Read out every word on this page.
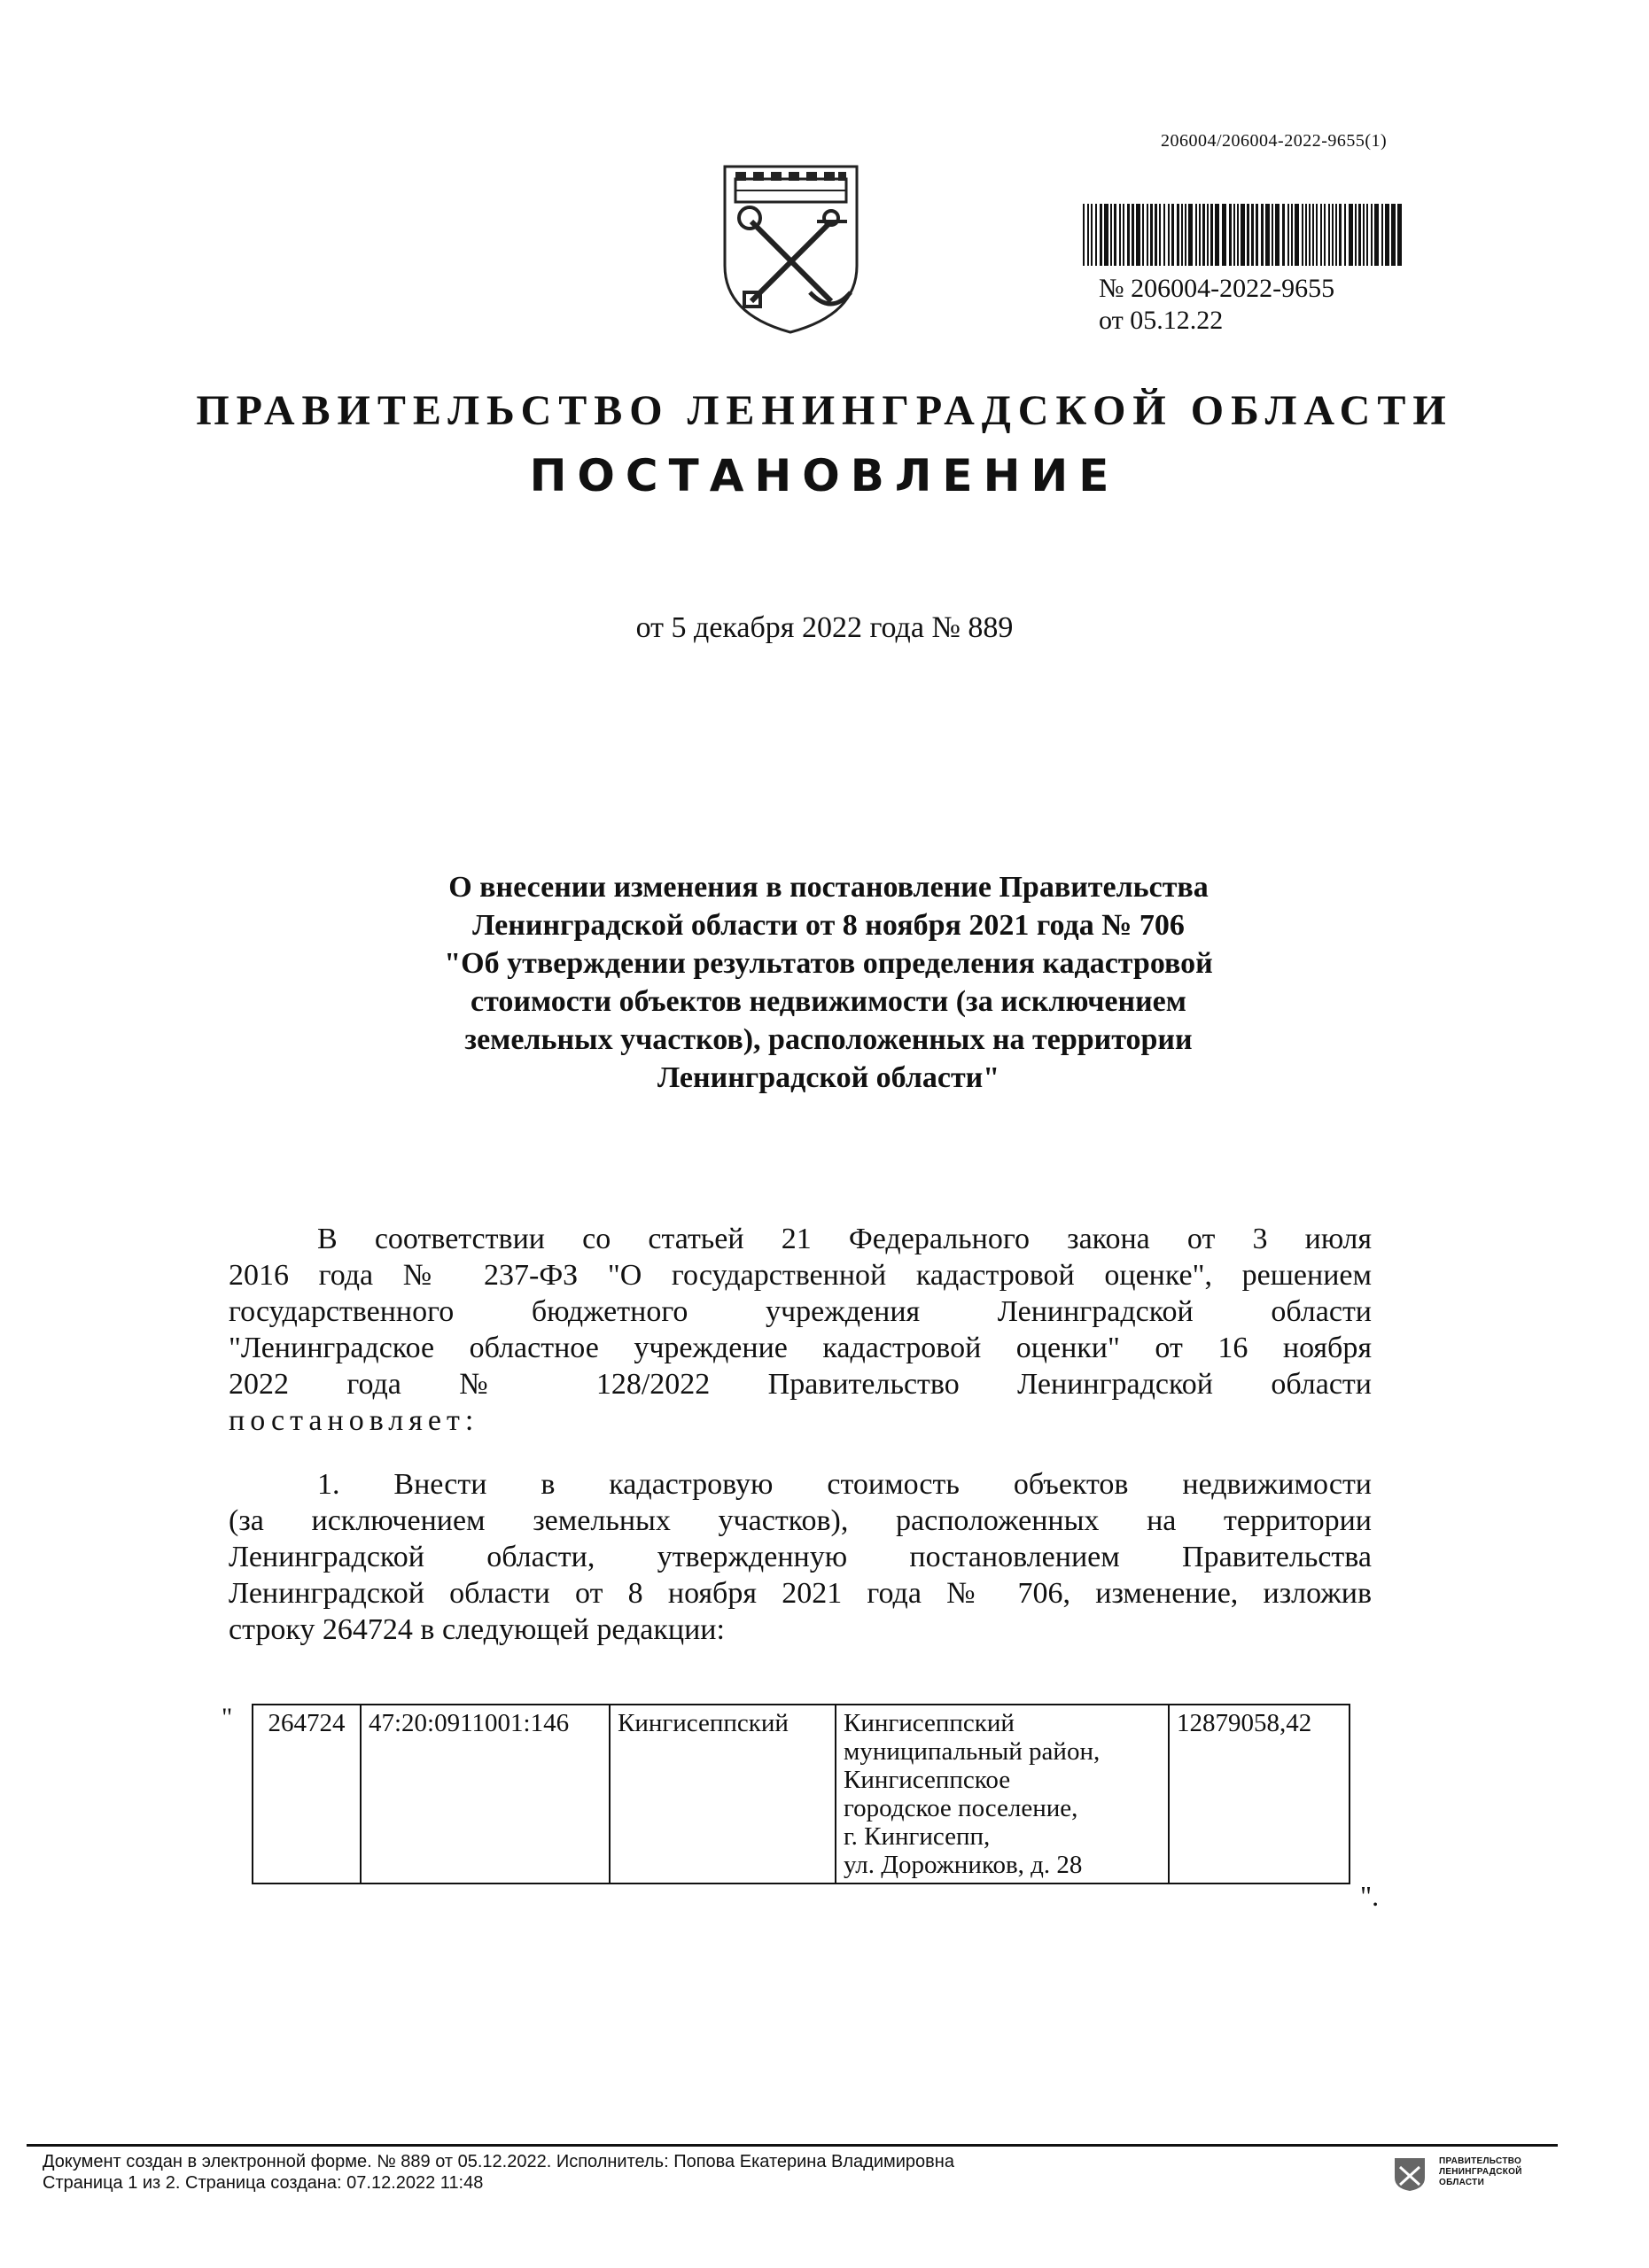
206004/206004-2022-9655(1)
№ 206004-2022-9655
от 05.12.22
ПРАВИТЕЛЬСТВО ЛЕНИНГРАДСКОЙ ОБЛАСТИ
ПОСТАНОВЛЕНИЕ
от 5 декабря 2022 года № 889
О внесении изменения в постановление Правительства
Ленинградской области от 8 ноября 2021 года № 706
"Об утверждении результатов определения кадастровой
стоимости объектов недвижимости (за исключением
земельных участков), расположенных на территории
Ленинградской области"
В соответствии со статьей 21 Федерального закона от 3 июля
2016 года № 237-ФЗ "О государственной кадастровой оценке", решением
государственного бюджетного учреждения Ленинградской области
"Ленинградское областное учреждение кадастровой оценки" от 16 ноября
2022 года № 128/2022 Правительство Ленинградской области
постановляет:
1. Внести в кадастровую стоимость объектов недвижимости
(за исключением земельных участков), расположенных на территории
Ленинградской области, утвержденную постановлением Правительства
Ленинградской области от 8 ноября 2021 года № 706, изменение, изложив
строку 264724 в следующей редакции:
" 264724	47:20:0911001:146	Кингисеппский	Кингисеппский
муниципальный район,
Кингисеппское
городское поселение,
г. Кингисепп,
ул. Дорожников, д. 28
	12879058,42
".
Документ создан в электронной форме. № 889 от 05.12.2022. Исполнитель: Попова Екатерина Владимировна
Страница 1 из 2. Страница создана: 07.12.2022 11:48
ПРАВИТЕЛЬСТВО
ЛЕНИНГРАДСКОЙ
ОБЛАСТИ
